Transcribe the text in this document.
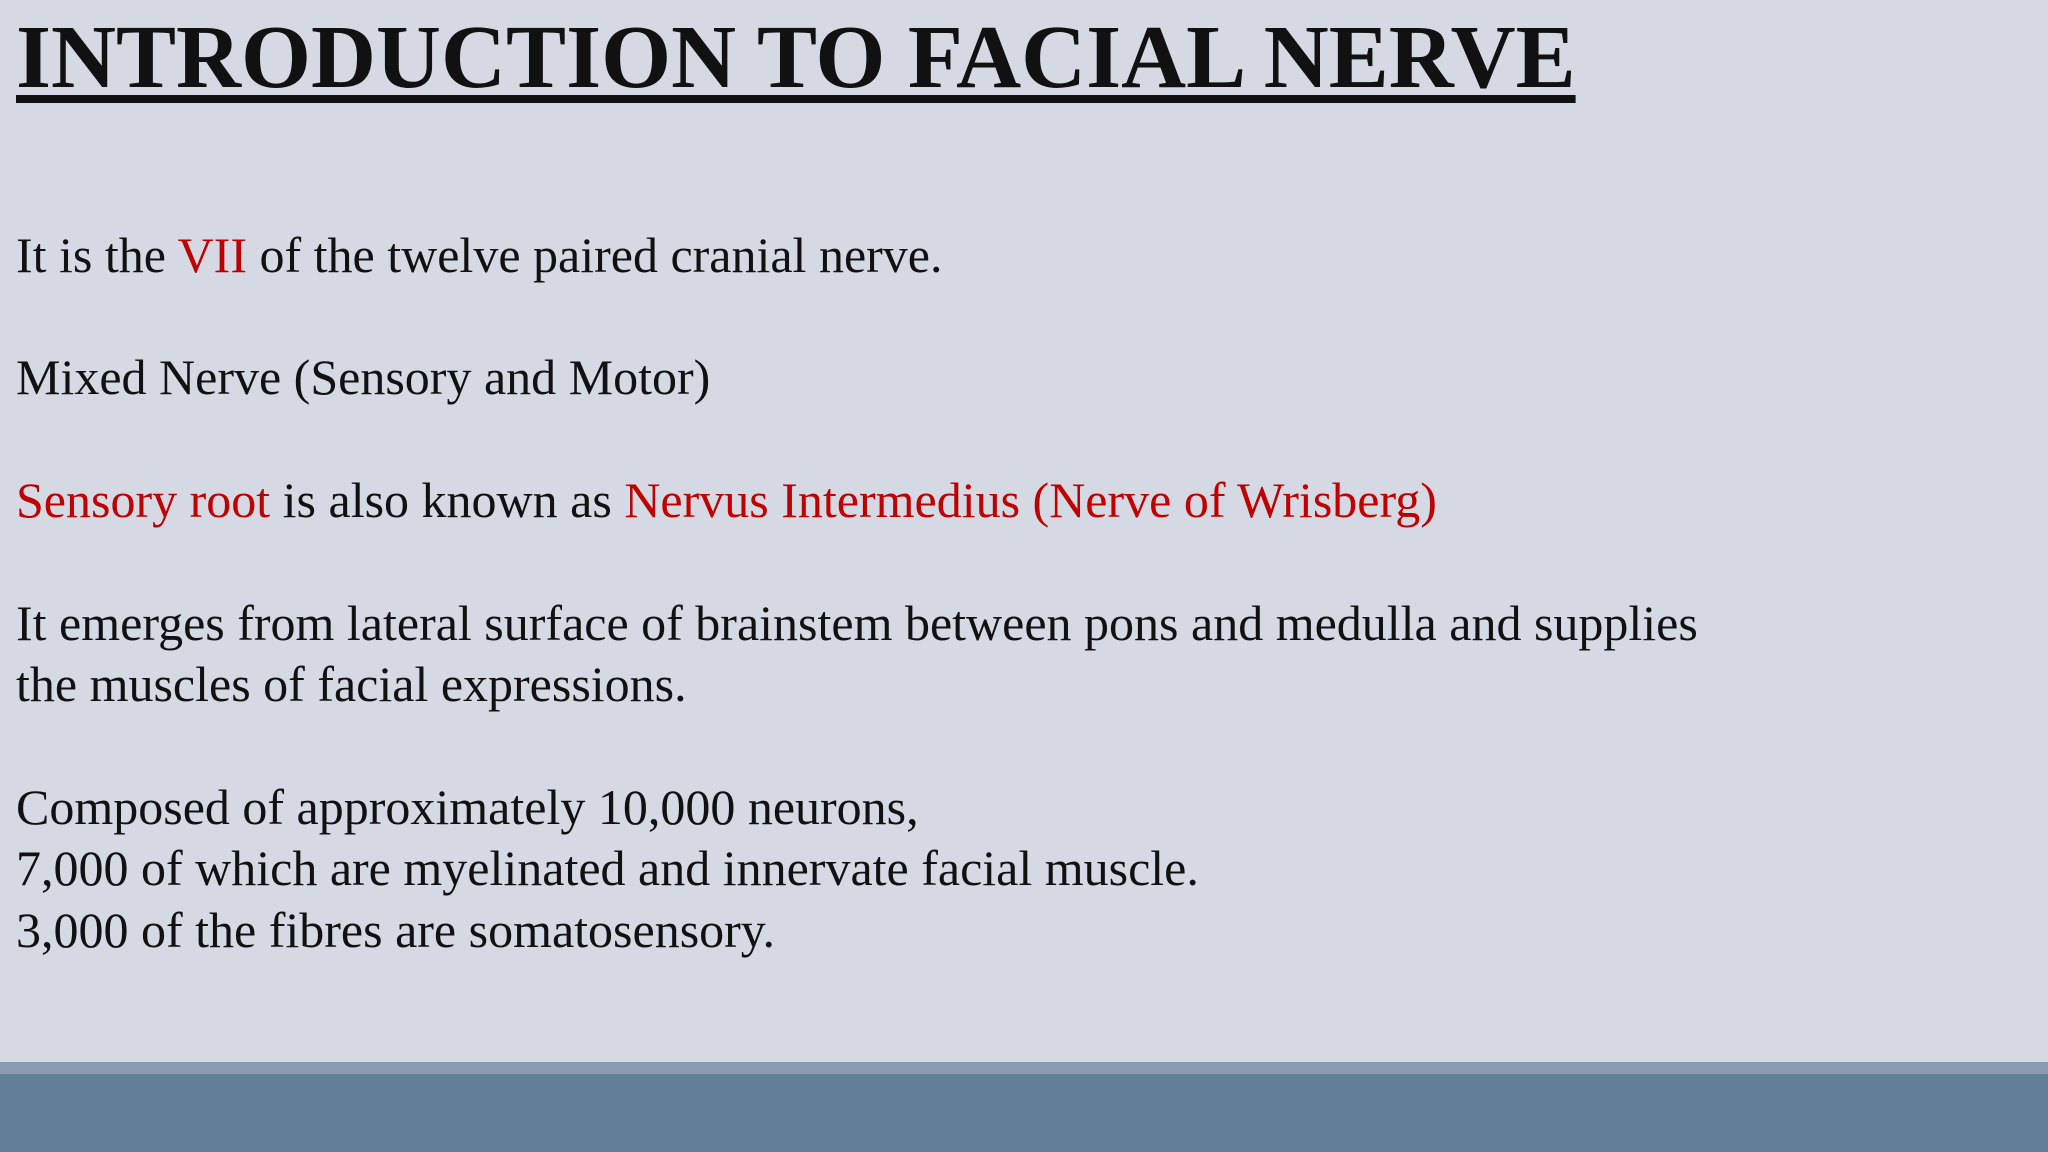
INTRODUCTION TO FACIAL NERVE

It is the VII of the twelve paired cranial nerve.

Mixed Nerve (Sensory and Motor)

Sensory root is also known as Nervus Intermedius (Nerve of Wrisberg)

It emerges from lateral surface of brainstem between pons and medulla and supplies

the muscles of facial expressions.

Composed of approximately 10,000 neurons,

7,000 of which are myelinated and innervate facial muscle.

3,000 of the fibres are somatosensory.
